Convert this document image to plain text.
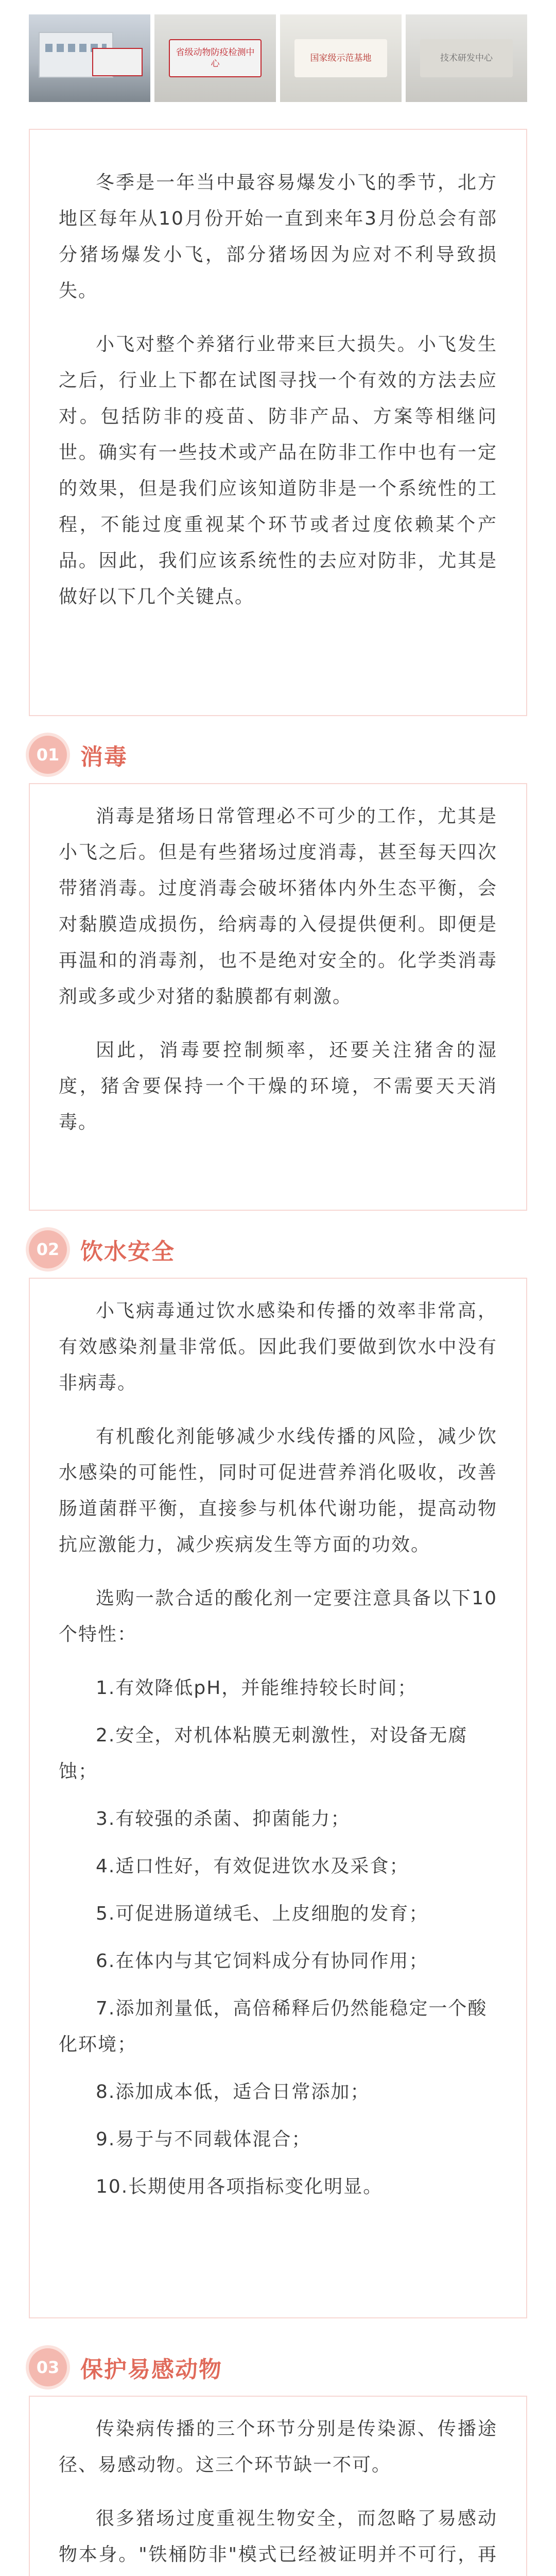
省级动物防疫检测中心
国家级示范基地	技术研发中心

冬季是一年当中最容易爆发小飞的季节，北方地区每年从10月份开始一直到来年3月份总会有部分猪场爆发小飞，部分猪场因为应对不利导致损失。

小飞对整个养猪行业带来巨大损失。小飞发生之后，行业上下都在试图寻找一个有效的方法去应对。包括防非的疫苗、防非产品、方案等相继问世。确实有一些技术或产品在防非工作中也有一定的效果，但是我们应该知道防非是一个系统性的工程，不能过度重视某个环节或者过度依赖某个产品。因此，我们应该系统性的去应对防非，尤其是做好以下几个关键点。

01 消毒

消毒是猪场日常管理必不可少的工作，尤其是小飞之后。但是有些猪场过度消毒，甚至每天四次带猪消毒。过度消毒会破坏猪体内外生态平衡，会对黏膜造成损伤，给病毒的入侵提供便利。即便是再温和的消毒剂，也不是绝对安全的。化学类消毒剂或多或少对猪的黏膜都有刺激。

因此，消毒要控制频率，还要关注猪舍的湿度，猪舍要保持一个干燥的环境，不需要天天消毒。

02 饮水安全

小飞病毒通过饮水感染和传播的效率非常高，有效感染剂量非常低。因此我们要做到饮水中没有非病毒。

有机酸化剂能够减少水线传播的风险，减少饮水感染的可能性，同时可促进营养消化吸收，改善肠道菌群平衡，直接参与机体代谢功能，提高动物抗应激能力，减少疾病发生等方面的功效。

选购一款合适的酸化剂一定要注意具备以下10个特性：

1.有效降低pH，并能维持较长时间；

2.安全，对机体粘膜无刺激性，对设备无腐蚀；

3.有较强的杀菌、抑菌能力；

4.适口性好，有效促进饮水及采食；

5.可促进肠道绒毛、上皮细胞的发育；

6.在体内与其它饲料成分有协同作用；

7.添加剂量低，高倍稀释后仍然能稳定一个酸化环境；

8.添加成本低，适合日常添加；

9.易于与不同载体混合；

10.长期使用各项指标变化明显。

03 保护易感动物

传染病传播的三个环节分别是传染源、传播途径、易感动物。这三个环节缺一不可。

很多猪场过度重视生物安全，而忽略了易感动物本身。"铁桶防非"模式已经被证明并不可行，再
